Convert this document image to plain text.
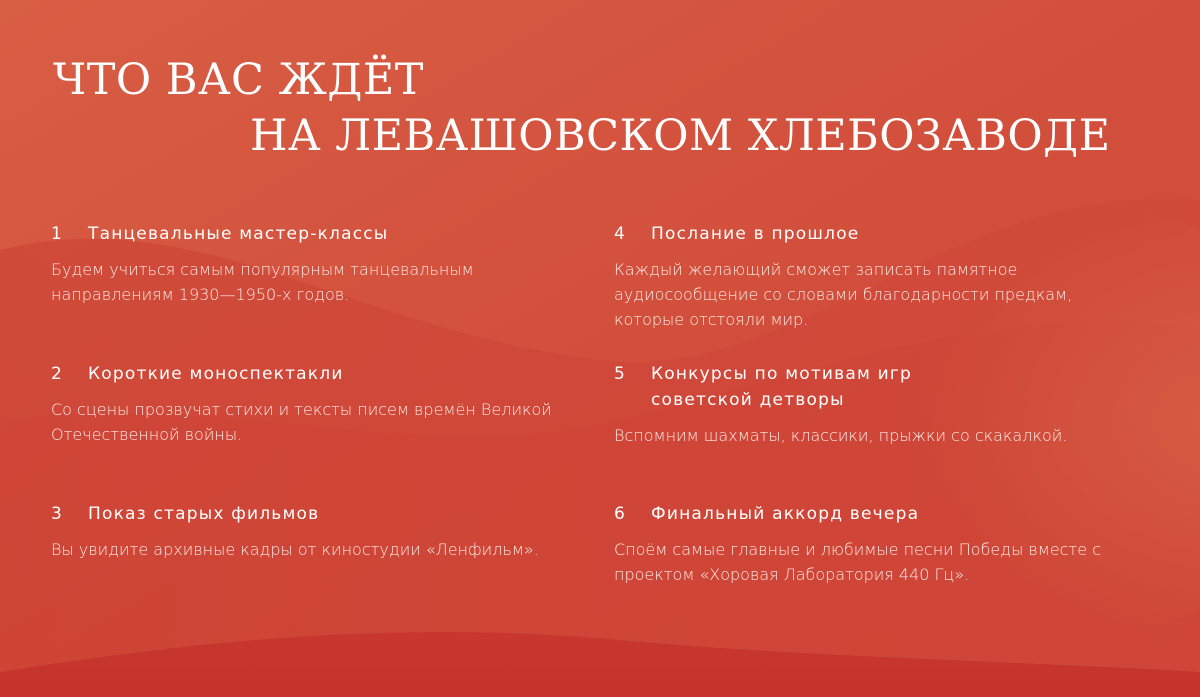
ЧТО ВАС ЖДЁТ
НА ЛЕВАШОВСКОМ ХЛЕБОЗАВОДЕ
1	Танцевальные мастер-классы
Будем учиться самым популярным танцевальным направлениям 1930—1950-х годов.
2	Короткие моноспектакли
Со сцены прозвучат стихи и тексты писем времён Великой Отечественной войны.
3	Показ старых фильмов
Вы увидите архивные кадры от киностудии «Ленфильм».
4	Послание в прошлое
Каждый желающий сможет записать памятное аудиосообщение со словами благодарности предкам, которые отстояли мир.
5	Конкурсы по мотивам игр советской детворы
Вспомним шахматы, классики, прыжки со скакалкой.
6	Финальный аккорд вечера
Споём самые главные и любимые песни Победы вместе с проектом «Хоровая Лаборатория 440 Гц».
